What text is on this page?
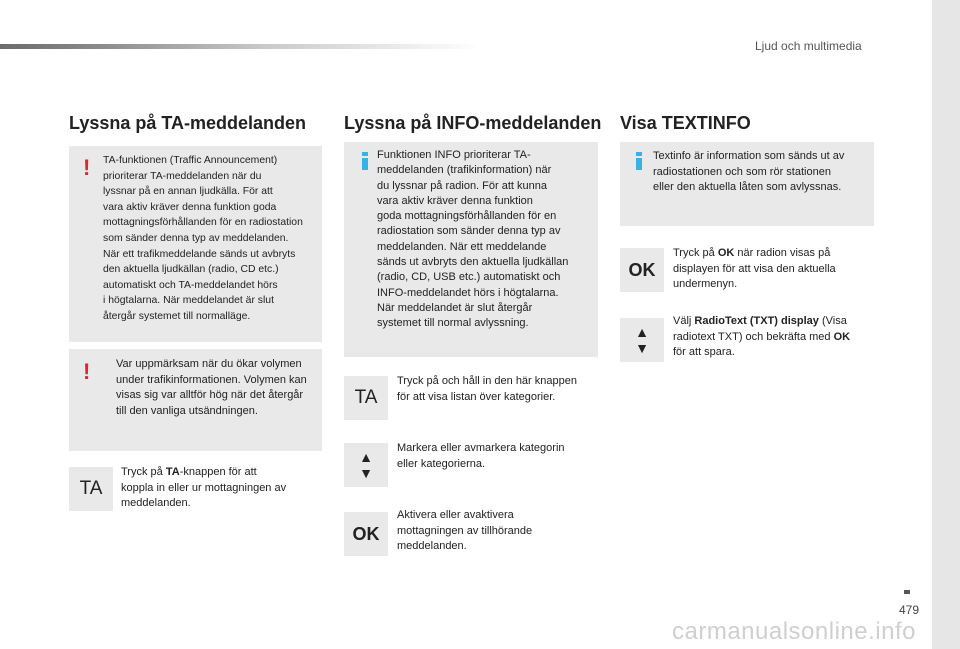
Ljud och multimedia
Lyssna på TA-meddelanden
! TA-funktionen (Traffic Announcement)
prioriterar TA-meddelanden när du
lyssnar på en annan ljudkälla. För att
vara aktiv kräver denna funktion goda
mottagningsförhållanden för en radiostation
som sänder denna typ av meddelanden.
När ett trafikmeddelande sänds ut avbryts
den aktuella ljudkällan (radio, CD etc.)
automatiskt och TA-meddelandet hörs
i högtalarna. När meddelandet är slut
återgår systemet till normalläge.
! Var uppmärksam när du ökar volymen
under trafikinformationen. Volymen kan
visas sig var alltför hög när det återgår
till den vanliga utsändningen.
TA
Tryck på TA-knappen för att
koppla in eller ur mottagningen av
meddelanden.
Lyssna på INFO-meddelanden
Funktionen INFO prioriterar TA-
meddelanden (trafikinformation) när
du lyssnar på radion. För att kunna
vara aktiv kräver denna funktion
goda mottagningsförhållanden för en
radiostation som sänder denna typ av
meddelanden. När ett meddelande
sänds ut avbryts den aktuella ljudkällan
(radio, CD, USB etc.) automatiskt och
INFO-meddelandet hörs i högtalarna.
När meddelandet är slut återgår
systemet till normal avlyssning.
TA
Tryck på och håll in den här knappen
för att visa listan över kategorier.
▲
▼
Markera eller avmarkera kategorin
eller kategorierna.
OK
Aktivera eller avaktivera
mottagningen av tillhörande
meddelanden.
Visa TEXTINFO
Textinfo är information som sänds ut av
radiostationen och som rör stationen
eller den aktuella låten som avlyssnas.
OK
Tryck på OK när radion visas på
displayen för att visa den aktuella
undermenyn.
▲
▼
Välj RadioText (TXT) display (Visa
radiotext TXT) och bekräfta med OK
för att spara.
479
carmanualsonline.info
